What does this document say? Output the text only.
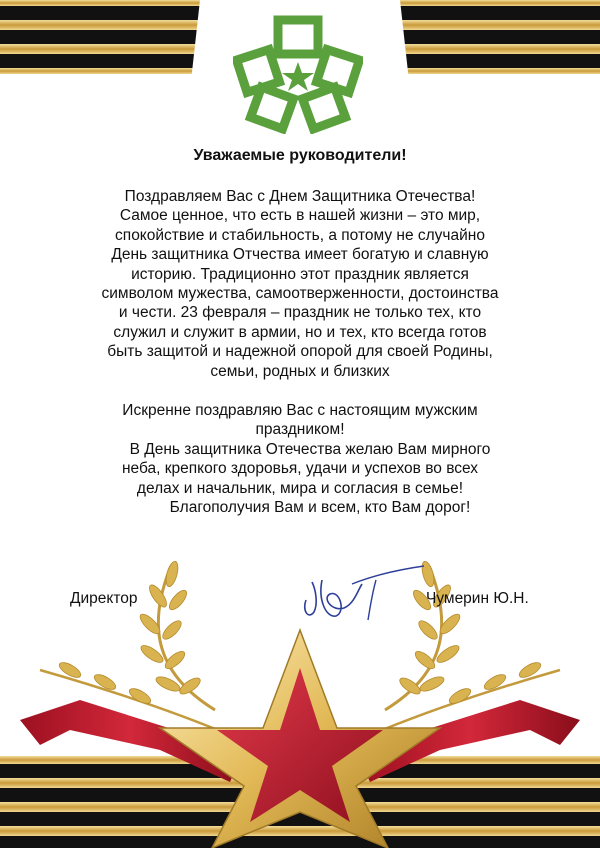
Уважаемые руководители!
Поздравляем Вас с Днем Защитника Отечества!
Самое ценное, что есть в нашей жизни – это мир,
спокойствие и стабильность, а потому не случайно
День защитника Отчества имеет богатую и славную
историю. Традиционно этот праздник является
символом мужества, самоотверженности, достоинства
и чести. 23 февраля – праздник не только тех, кто
служил и служит в армии, но и тех, кто всегда готов
быть защитой и надежной опорой для своей Родины,
семьи, родных и близких
Искренне поздравляю Вас с настоящим мужским
праздником!
В День защитника Отечества желаю Вам мирного
неба, крепкого здоровья, удачи и успехов во всех
делах и начальник, мира и согласия в семье!
Благополучия Вам и всем, кто Вам дорог!
Директор	Чумерин Ю.Н.
